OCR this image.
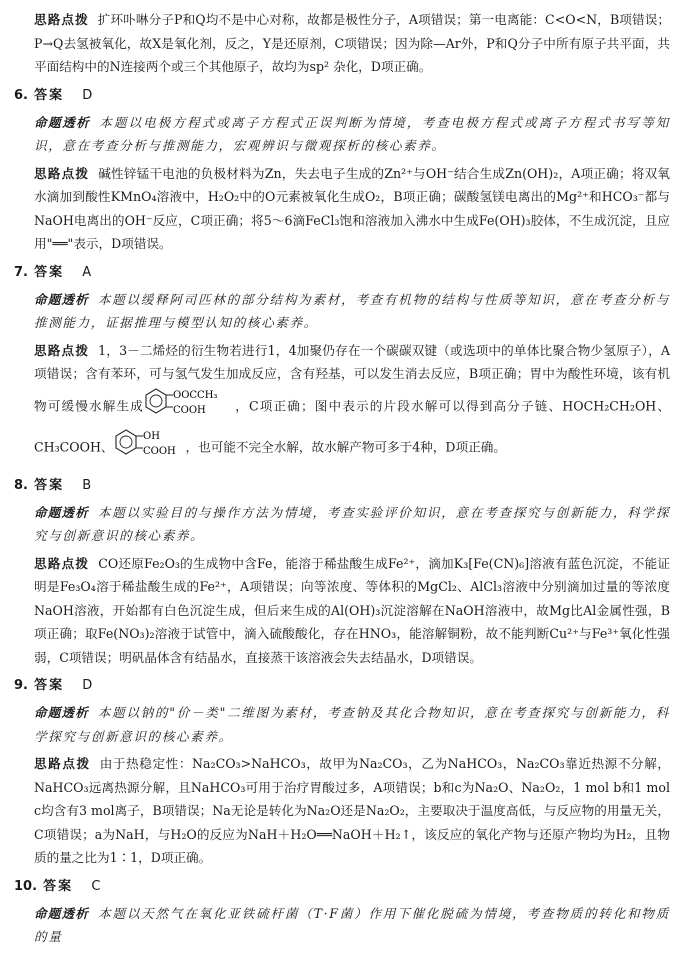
思路点拨 扩环卟啉分子P和Q均不是中心对称，故都是极性分子，A项错误；第一电离能：C<O<N，B项错误；P→Q去氢被氧化，故X是氧化剂，反之，Y是还原剂，C项错误；因为除—Ar外，P和Q分子中所有原子共平面，共平面结构中的N连接两个或三个其他原子，故均为sp² 杂化，D项正确。

6. 答案 D

命题透析 本题以电极方程式或离子方程式正误判断为情境，考查电极方程式或离子方程式书写等知识，意在考查分析与推测能力，宏观辨识与微观探析的核心素养。

思路点拨 碱性锌锰干电池的负极材料为Zn，失去电子生成的Zn²⁺与OH⁻结合生成Zn(OH)₂，A项正确；将双氧水滴加到酸性KMnO₄溶液中，H₂O₂中的O元素被氧化生成O₂，B项正确；碳酸氢镁电离出的Mg²⁺和HCO₃⁻都与NaOH电离出的OH⁻反应，C项正确；将5～6滴FeCl₃饱和溶液加入沸水中生成Fe(OH)₃胶体，不生成沉淀，且应用"══"表示，D项错误。

7. 答案 A

命题透析 本题以缓释阿司匹林的部分结构为素材，考查有机物的结构与性质等知识，意在考查分析与推测能力，证据推理与模型认知的核心素养。

思路点拨 1，3－二烯烃的衍生物若进行1，4加聚仍存在一个碳碳双键（或选项中的单体比聚合物少氢原子），A项错误；含有苯环，可与氢气发生加成反应，含有羟基，可以发生消去反应，B项正确；胃中为酸性环境，该有机物可缓慢水解生成
OOCCH₃
COOH ，C项正确；图中表示的片段水解可以得到高分子链、HOCH₂CH₂OH、CH₃COOH、
OH
COOH ，也可能不完全水解，故水解产物可多于4种，D项正确。

8. 答案 B

命题透析 本题以实验目的与操作方法为情境，考查实验评价知识，意在考查探究与创新能力，科学探究与创新意识的核心素养。

思路点拨 CO还原Fe₂O₃的生成物中含Fe，能溶于稀盐酸生成Fe²⁺，滴加K₃[Fe(CN)₆]溶液有蓝色沉淀，不能证明是Fe₃O₄溶于稀盐酸生成的Fe²⁺，A项错误；向等浓度、等体积的MgCl₂、AlCl₃溶液中分别滴加过量的等浓度NaOH溶液，开始都有白色沉淀生成，但后来生成的Al(OH)₃沉淀溶解在NaOH溶液中，故Mg比Al金属性强，B项正确；取Fe(NO₃)₂溶液于试管中，滴入硫酸酸化，存在HNO₃，能溶解铜粉，故不能判断Cu²⁺与Fe³⁺氧化性强弱，C项错误；明矾晶体含有结晶水，直接蒸干该溶液会失去结晶水，D项错误。

9. 答案 D

命题透析 本题以钠的"价－类"二维图为素材，考查钠及其化合物知识，意在考查探究与创新能力，科学探究与创新意识的核心素养。

思路点拨 由于热稳定性：Na₂CO₃>NaHCO₃，故甲为Na₂CO₃，乙为NaHCO₃，Na₂CO₃靠近热源不分解，NaHCO₃远离热源分解，且NaHCO₃可用于治疗胃酸过多，A项错误；b和c为Na₂O、Na₂O₂，1 mol b和1 mol c均含有3 mol离子，B项错误；Na无论是转化为Na₂O还是Na₂O₂，主要取决于温度高低，与反应物的用量无关，C项错误；a为NaH，与H₂O的反应为NaH＋H₂O══NaOH＋H₂↑，该反应的氧化产物与还原产物均为H₂，且物质的量之比为1∶1，D项正确。

10. 答案 C

命题透析 本题以天然气在氧化亚铁硫杆菌（T·F菌）作用下催化脱硫为情境，考查物质的转化和物质的量
